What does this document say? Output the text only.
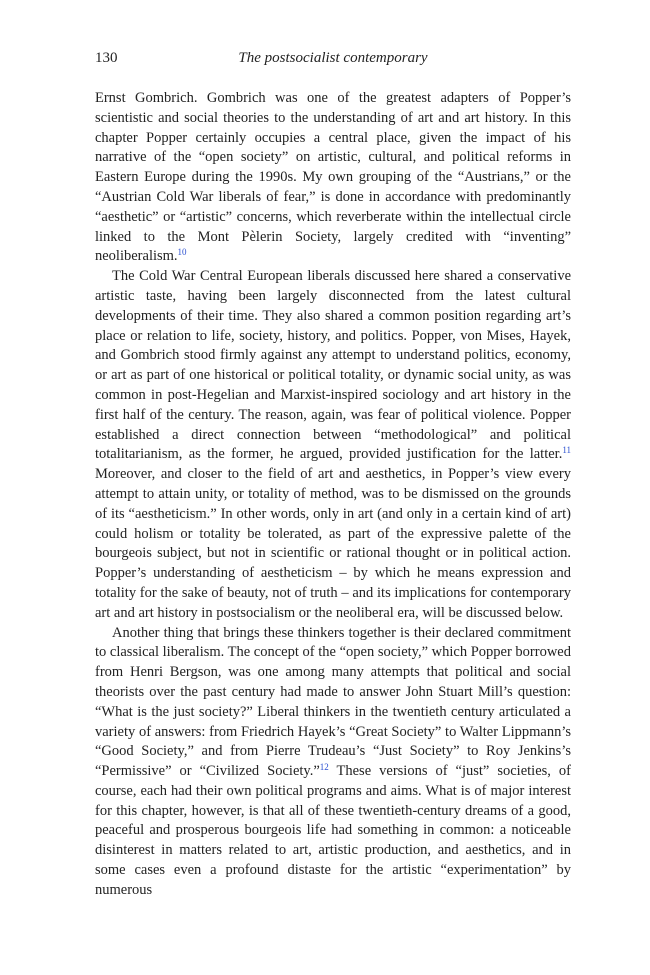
130	The postsocialist contemporary

Ernst Gombrich. Gombrich was one of the greatest adapters of Popper’s scientistic and social theories to the understanding of art and art history. In this chapter Popper certainly occupies a central place, given the impact of his narrative of the “open society” on artistic, cultural, and political reforms in Eastern Europe during the 1990s. My own grouping of the “Austrians,” or the “Austrian Cold War liberals of fear,” is done in accordance with predominantly “aesthetic” or “artistic” concerns, which reverberate within the intellectual circle linked to the Mont Pèlerin Society, largely credited with “inventing” neoliberalism.$^{10}$

The Cold War Central European liberals discussed here shared a conservative artistic taste, having been largely disconnected from the latest cultural developments of their time. They also shared a common position regarding art’s place or relation to life, society, history, and politics. Popper, von Mises, Hayek, and Gombrich stood firmly against any attempt to understand politics, economy, or art as part of one historical or political totality, or dynamic social unity, as was common in post-Hegelian and Marxist-inspired sociology and art history in the first half of the century. The reason, again, was fear of political violence. Popper established a direct connection between “methodological” and political totalitarianism, as the former, he argued, provided justification for the latter.$^{11}$ Moreover, and closer to the field of art and aesthetics, in Popper’s view every attempt to attain unity, or totality of method, was to be dismissed on the grounds of its “aestheticism.” In other words, only in art (and only in a certain kind of art) could holism or totality be tolerated, as part of the expressive palette of the bourgeois subject, but not in scientific or rational thought or in political action. Popper’s understanding of aestheticism – by which he means expression and totality for the sake of beauty, not of truth – and its implications for contemporary art and art history in postsocialism or the neoliberal era, will be discussed below.

Another thing that brings these thinkers together is their declared commitment to classical liberalism. The concept of the “open society,” which Popper borrowed from Henri Bergson, was one among many attempts that political and social theorists over the past century had made to answer John Stuart Mill’s question: “What is the just society?” Liberal thinkers in the twentieth century articulated a variety of answers: from Friedrich Hayek’s “Great Society” to Walter Lippmann’s “Good Society,” and from Pierre Trudeau’s “Just Society” to Roy Jenkins’s “Permissive” or “Civilized Society.”$^{12}$ These versions of “just” societies, of course, each had their own political programs and aims. What is of major interest for this chapter, however, is that all of these twentieth-century dreams of a good, peaceful and prosperous bourgeois life had something in common: a noticeable disinterest in matters related to art, artistic production, and aesthetics, and in some cases even a profound distaste for the artistic “experimentation” by numerous
